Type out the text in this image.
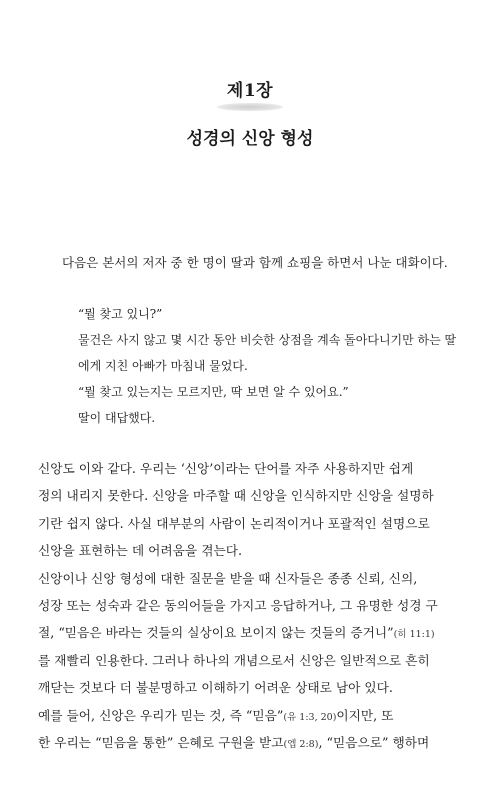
제1장
성경의 신앙 형성
다음은 본서의 저자 중 한 명이 딸과 함께 쇼핑을 하면서 나눈 대화이다.
“뭘 찾고 있니?”
물건은 사지 않고 몇 시간 동안 비슷한 상점을 계속 돌아다니기만 하는 딸
에게 지친 아빠가 마침내 물었다.
“뭘 찾고 있는지는 모르지만, 딱 보면 알 수 있어요.”
딸이 대답했다.
신앙도 이와 같다. 우리는 ‘신앙’이라는 단어를 자주 사용하지만 쉽게
정의 내리지 못한다. 신앙을 마주할 때 신앙을 인식하지만 신앙을 설명하
기란 쉽지 않다. 사실 대부분의 사람이 논리적이거나 포괄적인 설명으로
신앙을 표현하는 데 어려움을 겪는다.
신앙이나 신앙 형성에 대한 질문을 받을 때 신자들은 종종 신뢰, 신의,
성장 또는 성숙과 같은 동의어들을 가지고 응답하거나, 그 유명한 성경 구
절, “믿음은 바라는 것들의 실상이요 보이지 않는 것들의 증거니”(히 11:1)
를 재빨리 인용한다. 그러나 하나의 개념으로서 신앙은 일반적으로 흔히
깨닫는 것보다 더 불분명하고 이해하기 어려운 상태로 남아 있다.
예를 들어, 신앙은 우리가 믿는 것, 즉 “믿음”(유 1:3, 20)이지만, 또
한 우리는 “믿음을 통한” 은혜로 구원을 받고(엡 2:8), “믿음으로” 행하며
